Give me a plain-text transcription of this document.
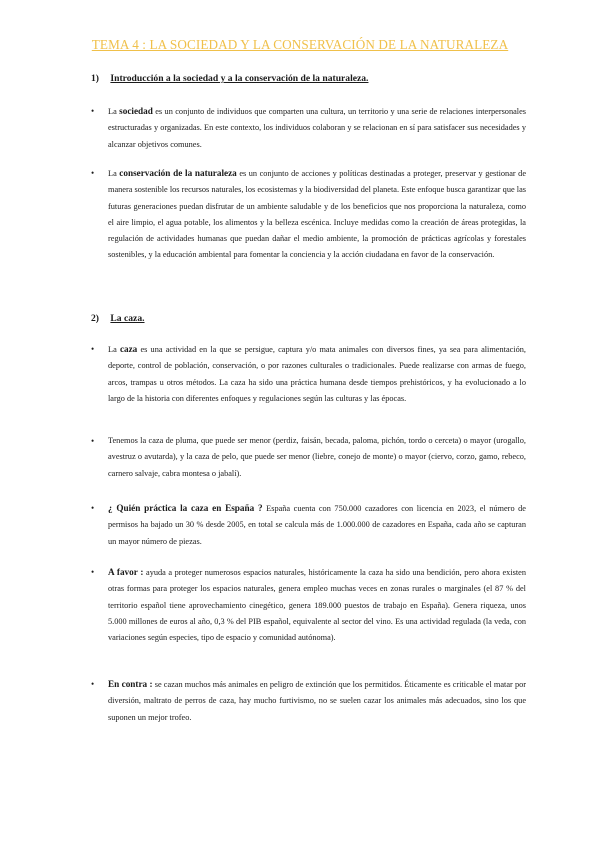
TEMA 4 : LA SOCIEDAD Y LA CONSERVACIÓN DE LA NATURALEZA
1) Introducción a la sociedad y a la conservación de la naturaleza.
•	La sociedad es un conjunto de individuos que comparten una cultura, un territorio y una serie de relaciones interpersonales estructuradas y organizadas. En este contexto, los individuos colaboran y se relacionan en sí para satisfacer sus necesidades y alcanzar objetivos comunes.

•	La conservación de la naturaleza es un conjunto de acciones y políticas destinadas a proteger, preservar y gestionar de manera sostenible los recursos naturales, los ecosistemas y la biodiversidad del planeta. Este enfoque busca garantizar que las futuras generaciones puedan disfrutar de un ambiente saludable y de los beneficios que nos proporciona la naturaleza, como el aire limpio, el agua potable, los alimentos y la belleza escénica. Incluye medidas como la creación de áreas protegidas, la regulación de actividades humanas que puedan dañar el medio ambiente, la promoción de prácticas agrícolas y forestales sostenibles, y la educación ambiental para fomentar la conciencia y la acción ciudadana en favor de la conservación.

2) La caza.
•	La caza es una actividad en la que se persigue, captura y/o mata animales con diversos fines, ya sea para alimentación, deporte, control de población, conservación, o por razones culturales o tradicionales. Puede realizarse con armas de fuego, arcos, trampas u otros métodos. La caza ha sido una práctica humana desde tiempos prehistóricos, y ha evolucionado a lo largo de la historia con diferentes enfoques y regulaciones según las culturas y las épocas.

•	Tenemos la caza de pluma, que puede ser menor (perdiz, faisán, becada, paloma, pichón, tordo o cerceta) o mayor (urogallo, avestruz o avutarda), y la caza de pelo, que puede ser menor (liebre, conejo de monte) o mayor (ciervo, corzo, gamo, rebeco, carnero salvaje, cabra montesa o jabalí).

•	¿ Quién práctica la caza en España ? España cuenta con 750.000 cazadores con licencia en 2023, el número de permisos ha bajado un 30 % desde 2005, en total se calcula más de 1.000.000 de cazadores en España, cada año se capturan un mayor número de piezas.

•	A favor : ayuda a proteger numerosos espacios naturales, históricamente la caza ha sido una bendición, pero ahora existen otras formas para proteger los espacios naturales, genera empleo muchas veces en zonas rurales o marginales (el 87 % del territorio español tiene aprovechamiento cinegético, genera 189.000 puestos de trabajo en España). Genera riqueza, unos 5.000 millones de euros al año, 0,3 % del PIB español, equivalente al sector del vino. Es una actividad regulada (la veda, con variaciones según especies, tipo de espacio y comunidad autónoma).

•	En contra : se cazan muchos más animales en peligro de extinción que los permitidos. Éticamente es criticable el matar por diversión, maltrato de perros de caza, hay mucho furtivismo, no se suelen cazar los animales más adecuados, sino los que suponen un mejor trofeo.
